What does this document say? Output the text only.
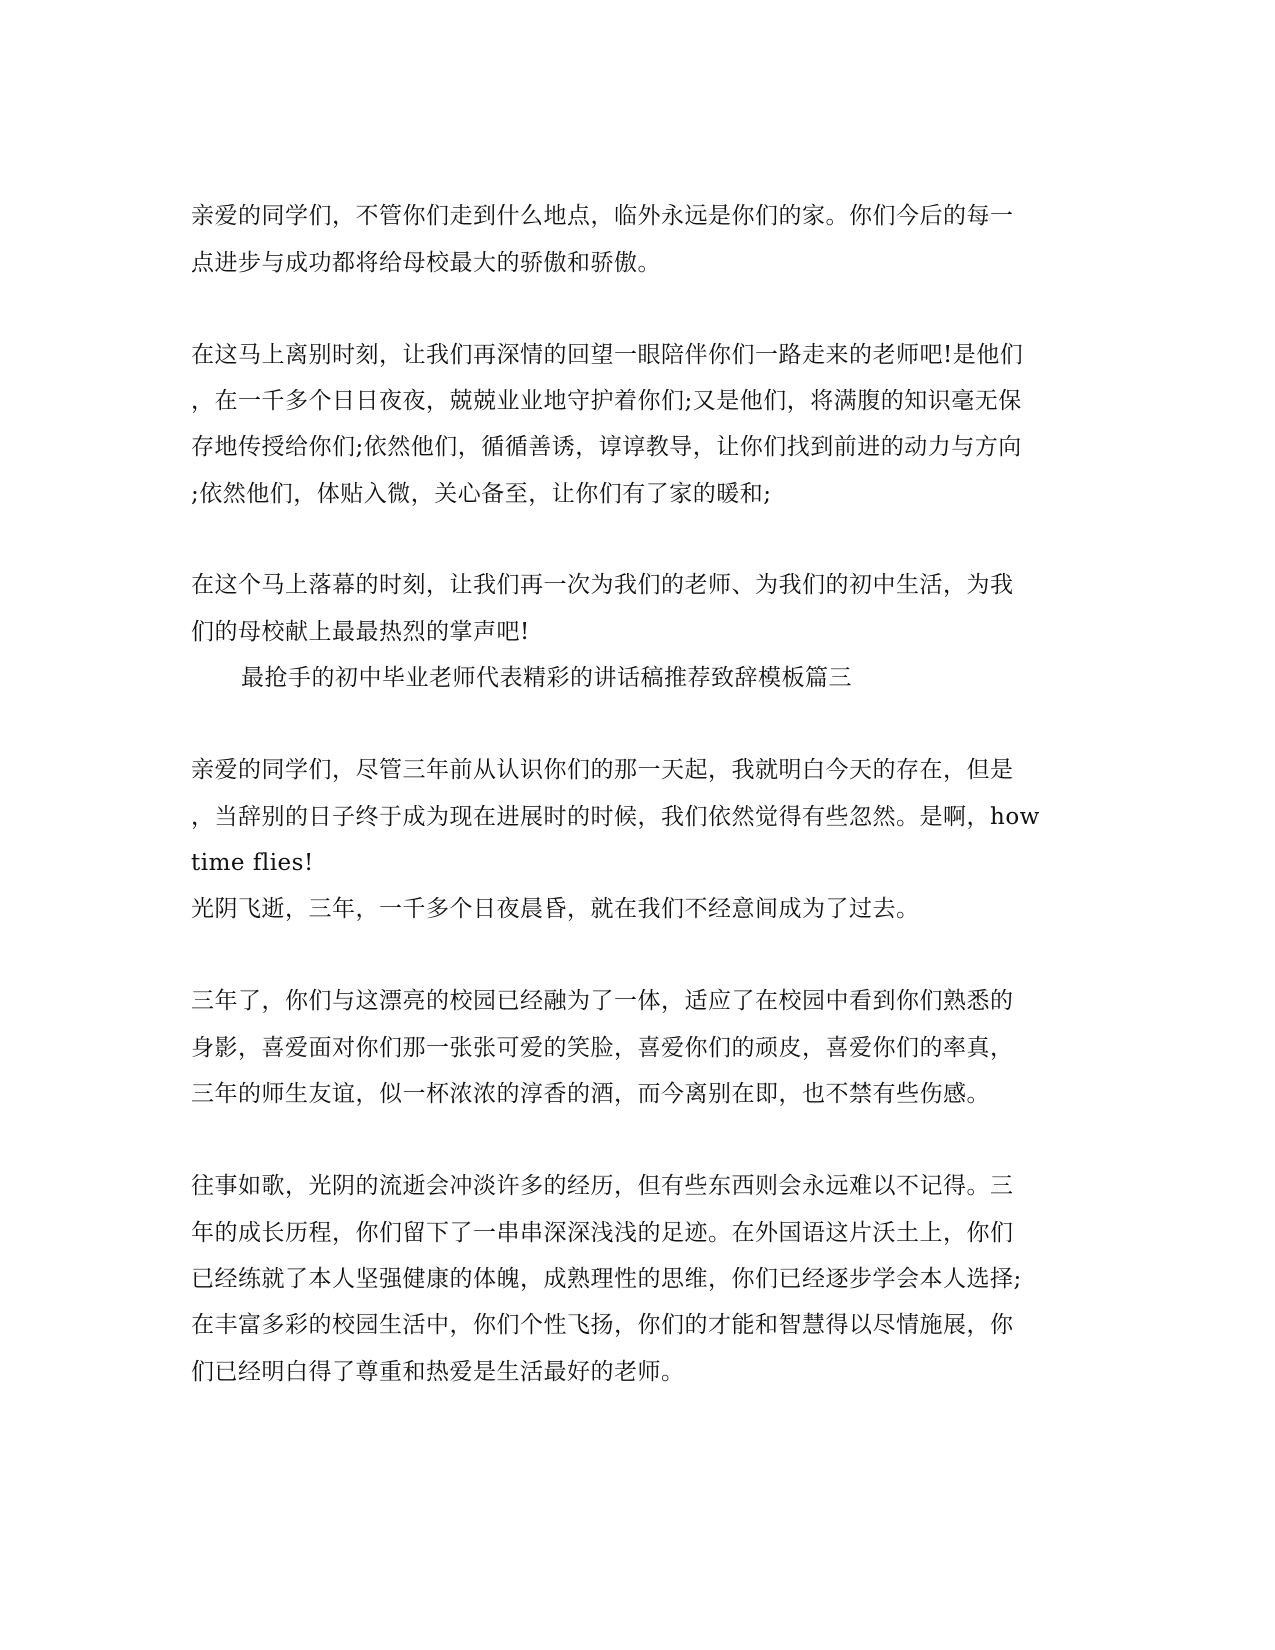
亲爱的同学们，不管你们走到什么地点，临外永远是你们的家。你们今后的每一
点进步与成功都将给母校最大的骄傲和骄傲。
在这马上离别时刻，让我们再深情的回望一眼陪伴你们一路走来的老师吧!是他们
，在一千多个日日夜夜，兢兢业业地守护着你们;又是他们，将满腹的知识毫无保
存地传授给你们;依然他们，循循善诱，谆谆教导，让你们找到前进的动力与方向
;依然他们，体贴入微，关心备至，让你们有了家的暖和;
在这个马上落幕的时刻，让我们再一次为我们的老师、为我们的初中生活，为我
们的母校献上最最热烈的掌声吧!
最抢手的初中毕业老师代表精彩的讲话稿推荐致辞模板篇三
亲爱的同学们，尽管三年前从认识你们的那一天起，我就明白今天的存在，但是
，当辞别的日子终于成为现在进展时的时候，我们依然觉得有些忽然。是啊，how
time flies!
光阴飞逝，三年，一千多个日夜晨昏，就在我们不经意间成为了过去。
三年了，你们与这漂亮的校园已经融为了一体，适应了在校园中看到你们熟悉的
身影，喜爱面对你们那一张张可爱的笑脸，喜爱你们的顽皮，喜爱你们的率真，
三年的师生友谊，似一杯浓浓的淳香的酒，而今离别在即，也不禁有些伤感。
往事如歌，光阴的流逝会冲淡许多的经历，但有些东西则会永远难以不记得。三
年的成长历程，你们留下了一串串深深浅浅的足迹。在外国语这片沃土上，你们
已经练就了本人坚强健康的体魄，成熟理性的思维，你们已经逐步学会本人选择;
在丰富多彩的校园生活中，你们个性飞扬，你们的才能和智慧得以尽情施展，你
们已经明白得了尊重和热爱是生活最好的老师。
